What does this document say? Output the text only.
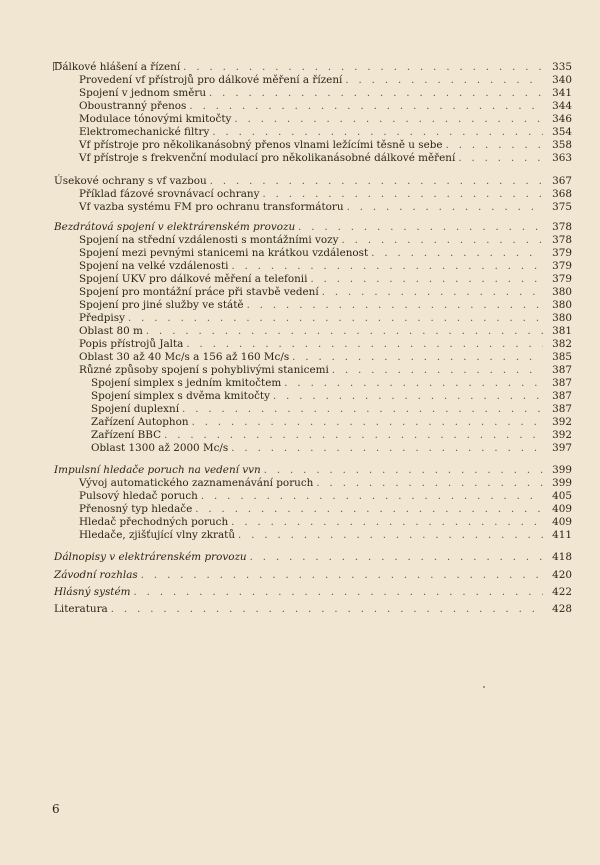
Dálkové hlášení a řízení . . .	335
Provedení vf přístrojů pro dálkové měření a řízení . . .	340
Spojení v jednom směru . . .	341
Oboustranný přenos . . .	344
Modulace tónovými kmitočty . . .	346
Elektromechanické filtry . . .	354
Vf přístroje pro několikanásobný přenos vlnami ležícími těsně u sebe . . .	358
Vf přístroje s frekvenční modulací pro několikanásobné dálkové měření . . .	363
Úsekové ochrany s vf vazbou . . .	367
Příklad fázové srovnávací ochrany . . .	368
Vf vazba systému FM pro ochranu transformátoru . . .	375
Bezdrátová spojení v elektrárenském provozu . . .	378
Spojení na střední vzdálenosti s montážními vozy . . .	378
Spojení mezi pevnými stanicemi na krátkou vzdálenost . . .	379
Spojení na velké vzdálenosti . . .	379
Spojení UKV pro dálkové měření a telefonii . . .	379
Spojení pro montážní práce při stavbě vedení . . .	380
Spojení pro jiné služby ve státě . . .	380
Předpisy . . .	380
Oblast 80 m . . .	381
Popis přístrojů Jalta . . .	382
Oblast 30 až 40 Mc/s a 156 až 160 Mc/s . . .	385
Různé způsoby spojení s pohyblivými stanicemi . . .	387
Spojení simplex s jedním kmitočtem . . .	387
Spojení simplex s dvěma kmitočty . . .	387
Spojení duplexní . . .	387
Zařízení Autophon . . .	392
Zařízení BBC . . .	392
Oblast 1300 až 2000 Mc/s . . .	397
Impulsní hledače poruch na vedení vvn . . .	399
Vývoj automatického zaznamenávání poruch . . .	399
Pulsový hledač poruch . . .	405
Přenosný typ hledače . . .	409
Hledač přechodných poruch . . .	409
Hledače, zjišťující vlny zkratů . . .	411
Dálnopisy v elektrárenském provozu . . .	418
Závodní rozhlas . . .	420
Hlásný systém . . .	422
Literatura . . .	428
6
